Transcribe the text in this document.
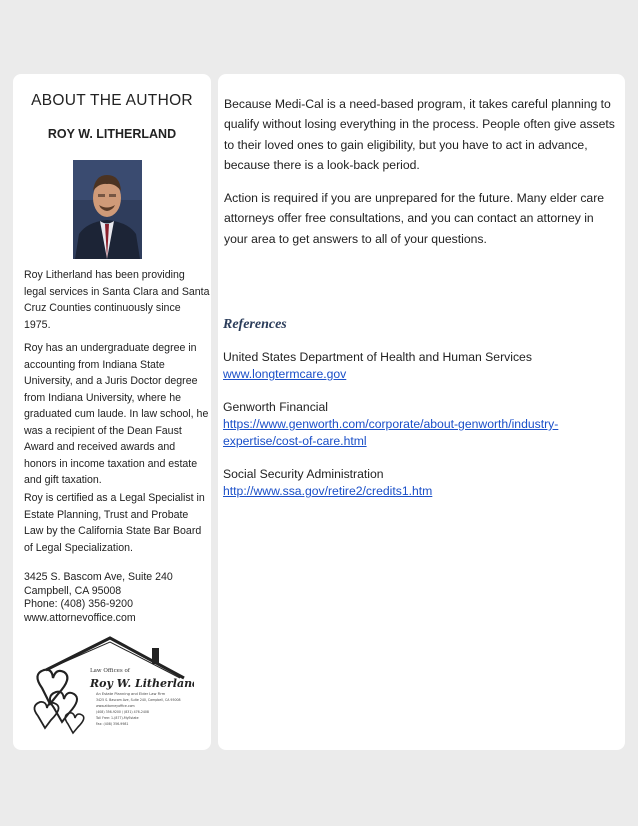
ABOUT THE AUTHOR
ROY W. LITHERLAND

Roy Litherland has been providing legal services in Santa Clara and Santa Cruz Counties continuously since 1975.

Roy has an undergraduate degree in accounting from Indiana State University, and a Juris Doctor degree from Indiana University, where he graduated cum laude. In law school, he was a recipient of the Dean Faust Award and received awards and honors in income taxation and estate and gift taxation.

Roy is certified as a Legal Specialist in Estate Planning, Trust and Probate Law by the California State Bar Board of Legal Specialization.

3425 S. Bascom Ave, Suite 240
Campbell, CA 95008
Phone: (408) 356-9200
www.attornevoffice.com
Law Offices of
Roy W. Litherland
An Estate Planning and Elder Law Firm
3425 S. Bascom Ave, Suite 240, Campbell, CA 95008
www.attorneyoffice.com
(408) 356-9200 / (831) 476-2408
Toll Free: 1-(877)-MyEstate
Fax: (408) 356-9981

Because Medi-Cal is a need-based program, it takes careful planning to qualify without losing everything in the process. People often give assets to their loved ones to gain eligibility, but you have to act in advance, because there is a look-back period.

Action is required if you are unprepared for the future. Many elder care attorneys offer free consultations, and you can contact an attorney in your area to get answers to all of your questions.

References
United States Department of Health and Human Services
www.longtermcare.gov
Genworth Financial
https://www.genworth.com/corporate/about-genworth/industry-expertise/cost-of-care.html
Social Security Administration
http://www.ssa.gov/retire2/credits1.htm
